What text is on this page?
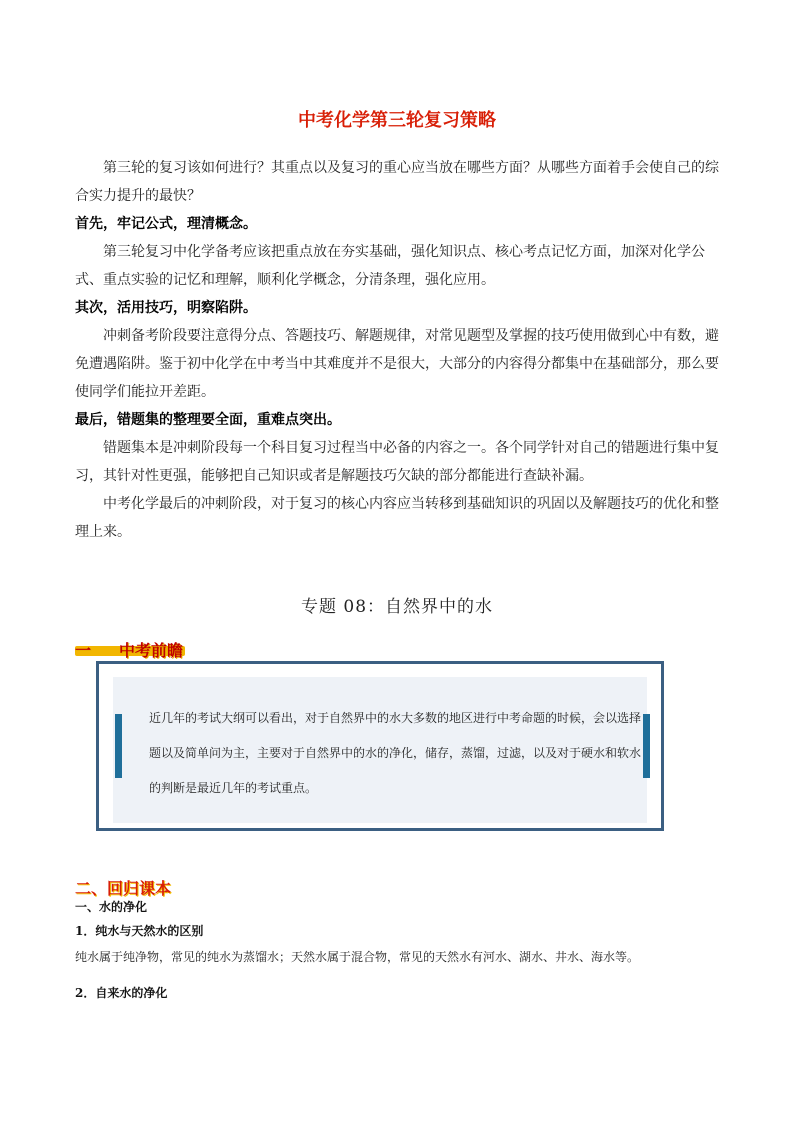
中考化学第三轮复习策略

第三轮的复习该如何进行？其重点以及复习的重心应当放在哪些方面？从哪些方面着手会使自己的综合实力提升的最快？

首先，牢记公式，理清概念。

第三轮复习中化学备考应该把重点放在夯实基础，强化知识点、核心考点记忆方面，加深对化学公式、重点实验的记忆和理解，顺利化学概念，分清条理，强化应用。

其次，活用技巧，明察陷阱。

冲刺备考阶段要注意得分点、答题技巧、解题规律，对常见题型及掌握的技巧使用做到心中有数，避免遭遇陷阱。鉴于初中化学在中考当中其难度并不是很大，大部分的内容得分都集中在基础部分，那么要使同学们能拉开差距。

最后，错题集的整理要全面，重难点突出。

错题集本是冲刺阶段每一个科目复习过程当中必备的内容之一。各个同学针对自己的错题进行集中复习，其针对性更强，能够把自己知识或者是解题技巧欠缺的部分都能进行查缺补漏。

中考化学最后的冲刺阶段，对于复习的核心内容应当转移到基础知识的巩固以及解题技巧的优化和整理上来。

专题 08：自然界中的水
一 中考前瞻

近几年的考试大纲可以看出，对于自然界中的水大多数的地区进行中考命题的时候，会以选择题以及简单问为主，主要对于自然界中的水的净化，储存，蒸馏，过滤，以及对于硬水和软水的判断是最近几年的考试重点。

二、回归课本
一、水的净化
1．纯水与天然水的区别
纯水属于纯净物，常见的纯水为蒸馏水；天然水属于混合物，常见的天然水有河水、湖水、井水、海水等。
2．自来水的净化
